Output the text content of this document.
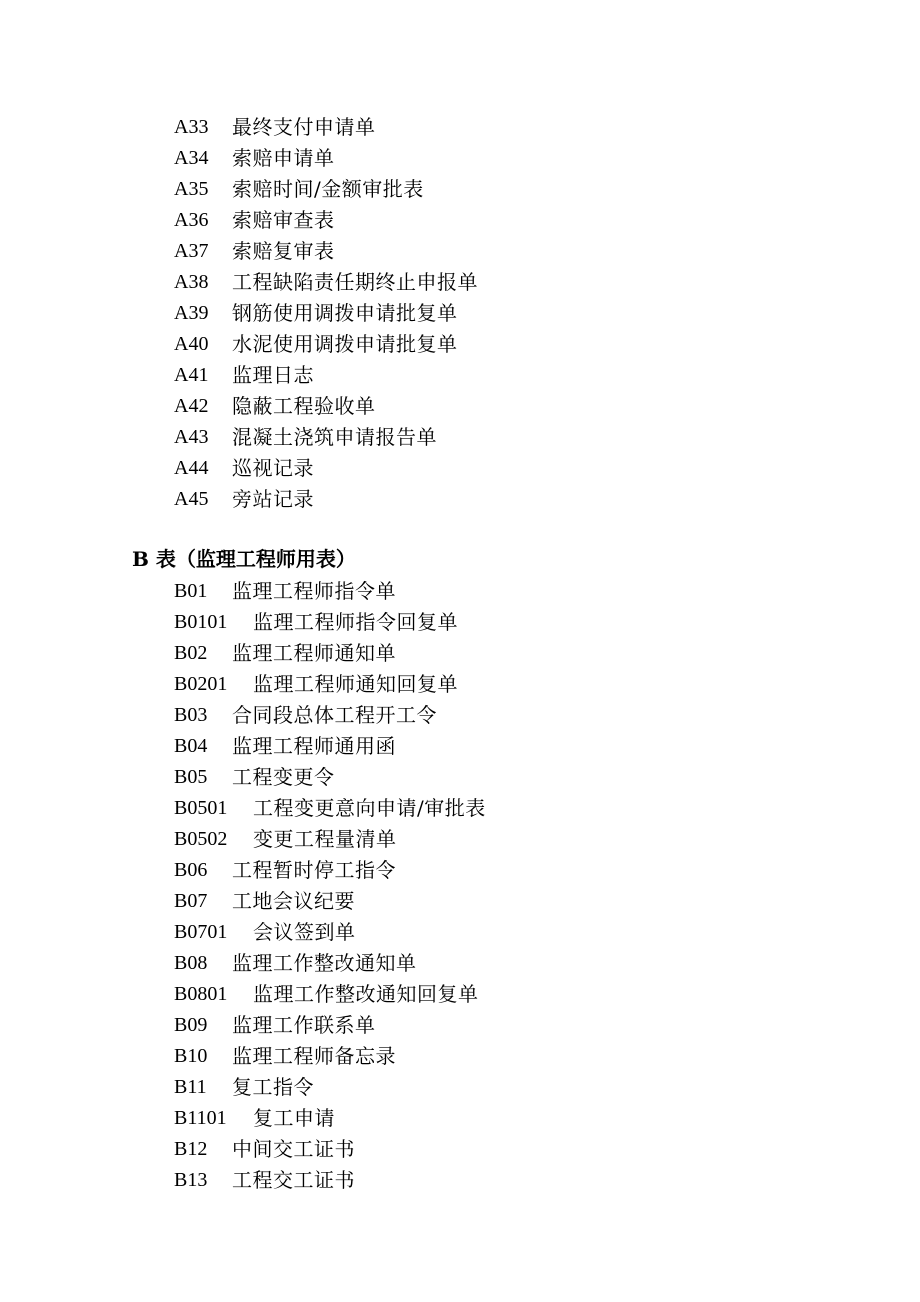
A33	最终支付申请单
A34	索赔申请单
A35	索赔时间/金额审批表
A36	索赔审查表
A37	索赔复审表
A38	工程缺陷责任期终止申报单
A39	钢筋使用调拨申请批复单
A40	水泥使用调拨申请批复单
A41	监理日志
A42	隐蔽工程验收单
A43	混凝土浇筑申请报告单
A44	巡视记录
A45	旁站记录
B 表（监理工程师用表）
B01	监理工程师指令单
B0101	监理工程师指令回复单
B02	监理工程师通知单
B0201	监理工程师通知回复单
B03	合同段总体工程开工令
B04	监理工程师通用函
B05	工程变更令
B0501	工程变更意向申请/审批表
B0502	变更工程量清单
B06	工程暂时停工指令
B07	工地会议纪要
B0701	会议签到单
B08	监理工作整改通知单
B0801	监理工作整改通知回复单
B09	监理工作联系单
B10	监理工程师备忘录
B11	复工指令
B1101	复工申请
B12	中间交工证书
B13	工程交工证书
